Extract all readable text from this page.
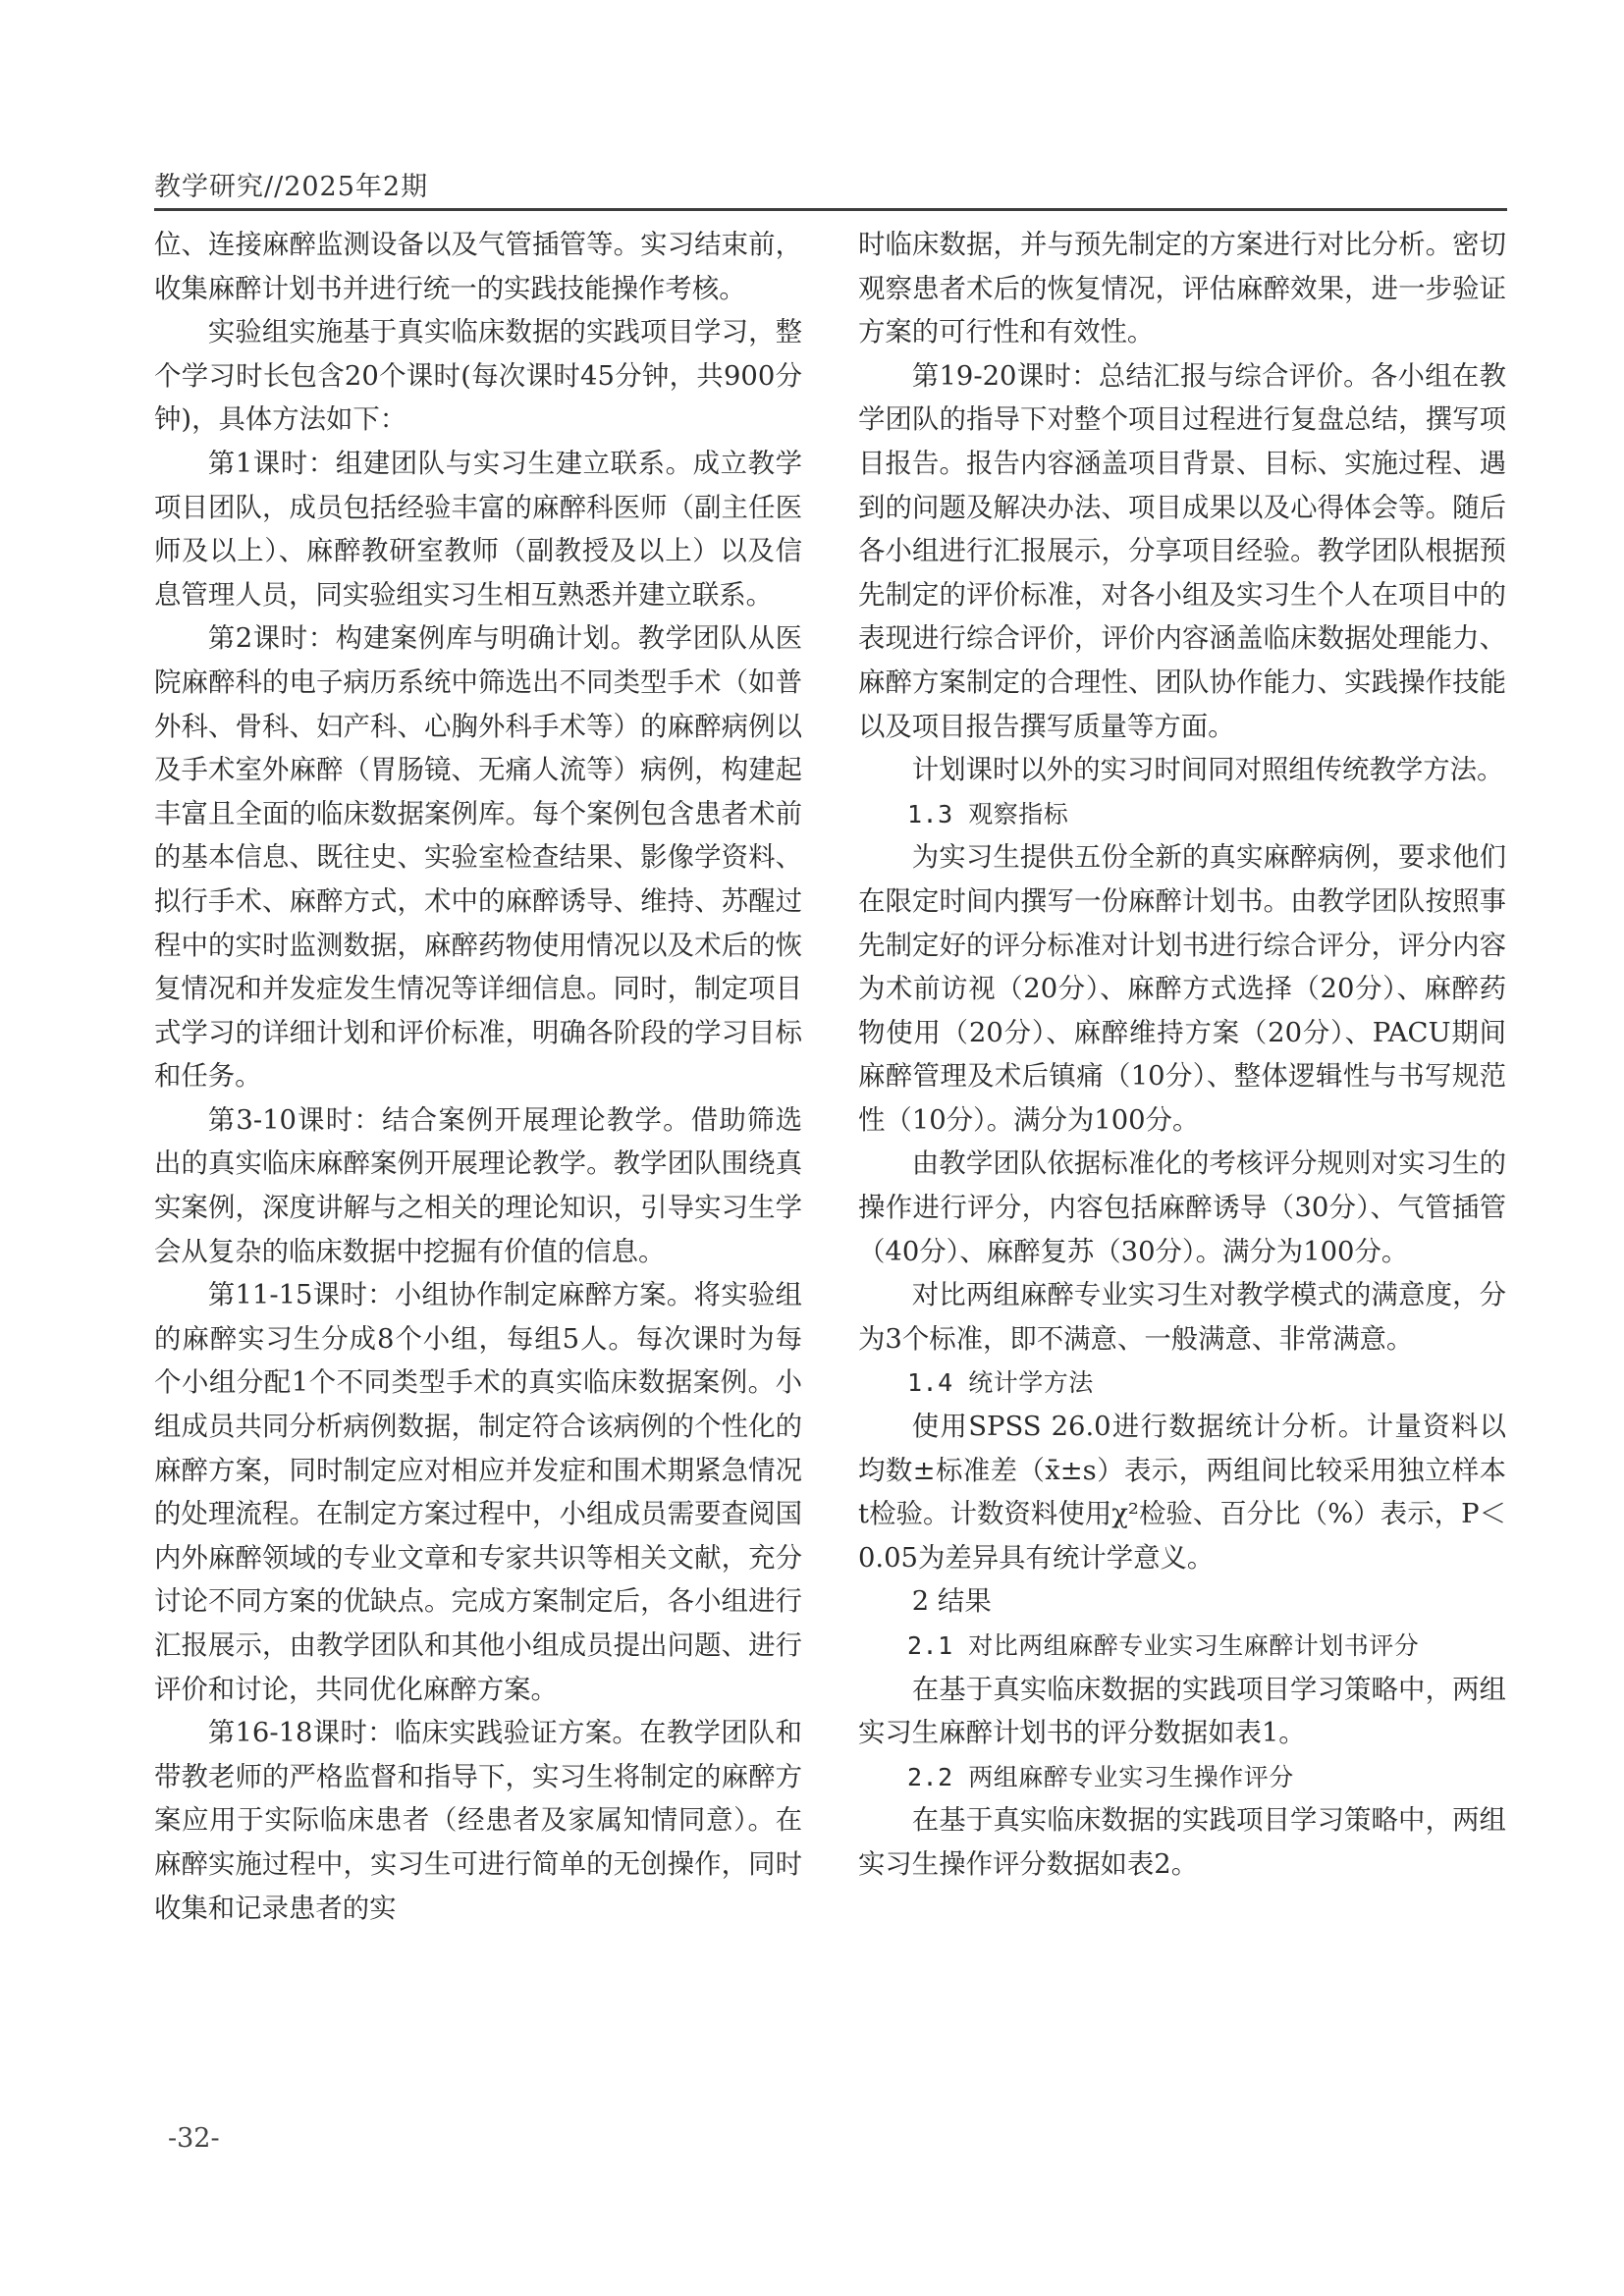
教学研究//2025年2期

位、连接麻醉监测设备以及气管插管等。实习结束前，收集麻醉计划书并进行统一的实践技能操作考核。

实验组实施基于真实临床数据的实践项目学习，整个学习时长包含20个课时(每次课时45分钟，共900分钟)，具体方法如下：

第1课时：组建团队与实习生建立联系。成立教学项目团队，成员包括经验丰富的麻醉科医师（副主任医师及以上）、麻醉教研室教师（副教授及以上）以及信息管理人员，同实验组实习生相互熟悉并建立联系。

第2课时：构建案例库与明确计划。教学团队从医院麻醉科的电子病历系统中筛选出不同类型手术（如普外科、骨科、妇产科、心胸外科手术等）的麻醉病例以及手术室外麻醉（胃肠镜、无痛人流等）病例，构建起丰富且全面的临床数据案例库。每个案例包含患者术前的基本信息、既往史、实验室检查结果、影像学资料、拟行手术、麻醉方式，术中的麻醉诱导、维持、苏醒过程中的实时监测数据，麻醉药物使用情况以及术后的恢复情况和并发症发生情况等详细信息。同时，制定项目式学习的详细计划和评价标准，明确各阶段的学习目标和任务。

第3-10课时：结合案例开展理论教学。借助筛选出的真实临床麻醉案例开展理论教学。教学团队围绕真实案例，深度讲解与之相关的理论知识，引导实习生学会从复杂的临床数据中挖掘有价值的信息。

第11-15课时：小组协作制定麻醉方案。将实验组的麻醉实习生分成8个小组，每组5人。每次课时为每个小组分配1个不同类型手术的真实临床数据案例。小组成员共同分析病例数据，制定符合该病例的个性化的麻醉方案，同时制定应对相应并发症和围术期紧急情况的处理流程。在制定方案过程中，小组成员需要查阅国内外麻醉领域的专业文章和专家共识等相关文献，充分讨论不同方案的优缺点。完成方案制定后，各小组进行汇报展示，由教学团队和其他小组成员提出问题、进行评价和讨论，共同优化麻醉方案。

第16-18课时：临床实践验证方案。在教学团队和带教老师的严格监督和指导下，实习生将制定的麻醉方案应用于实际临床患者（经患者及家属知情同意）。在麻醉实施过程中，实习生可进行简单的无创操作，同时收集和记录患者的实

时临床数据，并与预先制定的方案进行对比分析。密切观察患者术后的恢复情况，评估麻醉效果，进一步验证方案的可行性和有效性。

第19-20课时：总结汇报与综合评价。各小组在教学团队的指导下对整个项目过程进行复盘总结，撰写项目报告。报告内容涵盖项目背景、目标、实施过程、遇到的问题及解决办法、项目成果以及心得体会等。随后各小组进行汇报展示，分享项目经验。教学团队根据预先制定的评价标准，对各小组及实习生个人在项目中的表现进行综合评价，评价内容涵盖临床数据处理能力、麻醉方案制定的合理性、团队协作能力、实践操作技能以及项目报告撰写质量等方面。

计划课时以外的实习时间同对照组传统教学方法。

1.3 观察指标

为实习生提供五份全新的真实麻醉病例，要求他们在限定时间内撰写一份麻醉计划书。由教学团队按照事先制定好的评分标准对计划书进行综合评分，评分内容为术前访视（20分）、麻醉方式选择（20分）、麻醉药物使用（20分）、麻醉维持方案（20分）、PACU期间麻醉管理及术后镇痛（10分）、整体逻辑性与书写规范性（10分）。满分为100分。

由教学团队依据标准化的考核评分规则对实习生的操作进行评分，内容包括麻醉诱导（30分）、气管插管（40分）、麻醉复苏（30分）。满分为100分。

对比两组麻醉专业实习生对教学模式的满意度，分为3个标准，即不满意、一般满意、非常满意。

1.4 统计学方法

使用SPSS 26.0进行数据统计分析。计量资料以均数±标准差（x̄±s）表示，两组间比较采用独立样本t检验。计数资料使用χ²检验、百分比（%）表示，P＜0.05为差异具有统计学意义。

2 结果

2.1 对比两组麻醉专业实习生麻醉计划书评分

在基于真实临床数据的实践项目学习策略中，两组实习生麻醉计划书的评分数据如表1。

2.2 两组麻醉专业实习生操作评分

在基于真实临床数据的实践项目学习策略中，两组实习生操作评分数据如表2。

-32-
